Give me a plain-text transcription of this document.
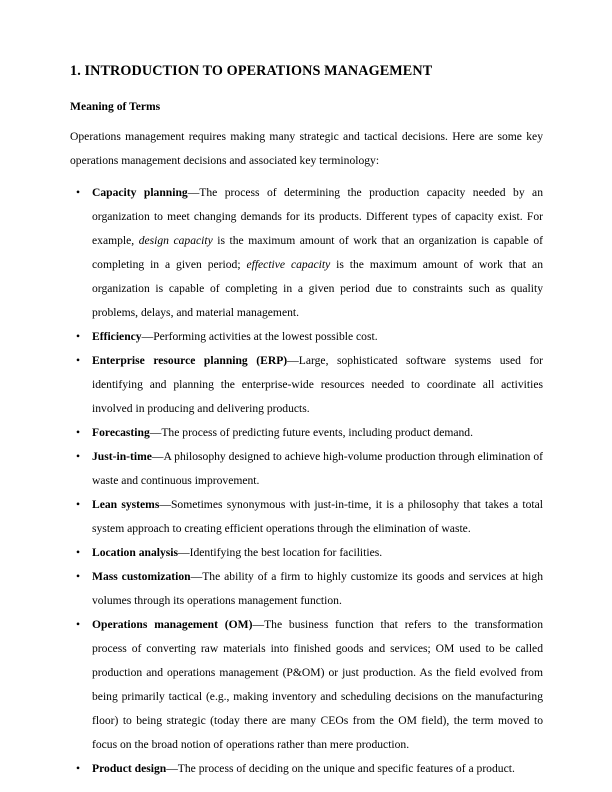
1. INTRODUCTION TO OPERATIONS MANAGEMENT
Meaning of Terms

Operations management requires making many strategic and tactical decisions. Here are some key operations management decisions and associated key terminology:

• Capacity planning—The process of determining the production capacity needed by an organization to meet changing demands for its products. Different types of capacity exist. For example, design capacity is the maximum amount of work that an organization is capable of completing in a given period; effective capacity is the maximum amount of work that an organization is capable of completing in a given period due to constraints such as quality problems, delays, and material management.
• Efficiency—Performing activities at the lowest possible cost.
• Enterprise resource planning (ERP)—Large, sophisticated software systems used for identifying and planning the enterprise-wide resources needed to coordinate all activities involved in producing and delivering products.
• Forecasting—The process of predicting future events, including product demand.
• Just-in-time—A philosophy designed to achieve high-volume production through elimination of waste and continuous improvement.
• Lean systems—Sometimes synonymous with just-in-time, it is a philosophy that takes a total system approach to creating efficient operations through the elimination of waste.
• Location analysis—Identifying the best location for facilities.
• Mass customization—The ability of a firm to highly customize its goods and services at high volumes through its operations management function.
• Operations management (OM)—The business function that refers to the transformation process of converting raw materials into finished goods and services; OM used to be called production and operations management (P&OM) or just production. As the field evolved from being primarily tactical (e.g., making inventory and scheduling decisions on the manufacturing floor) to being strategic (today there are many CEOs from the OM field), the term moved to focus on the broad notion of operations rather than mere production.
• Product design—The process of deciding on the unique and specific features of a product.
